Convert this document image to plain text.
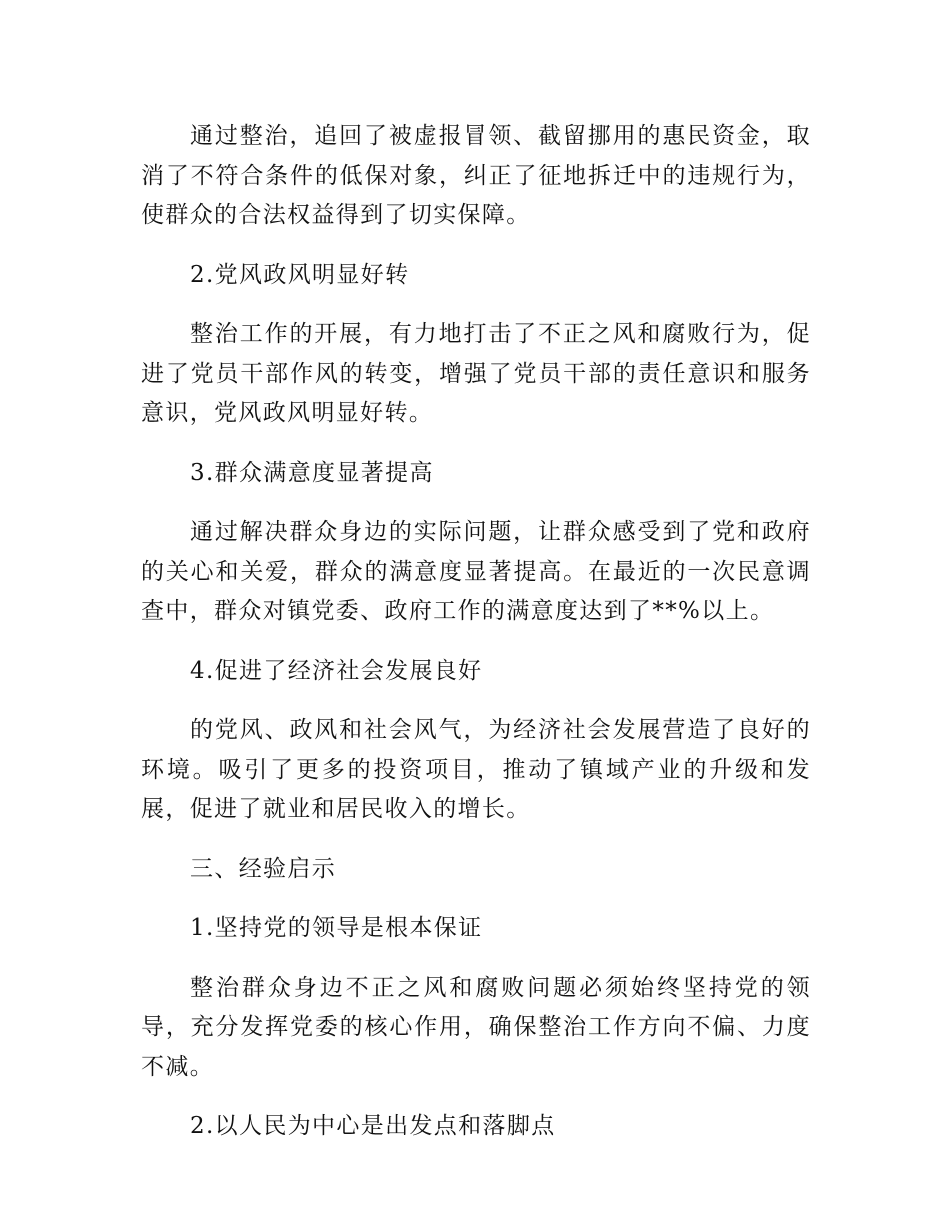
通过整治，追回了被虚报冒领、截留挪用的惠民资金，取消了不符合条件的低保对象，纠正了征地拆迁中的违规行为，使群众的合法权益得到了切实保障。

2.党风政风明显好转

整治工作的开展，有力地打击了不正之风和腐败行为，促进了党员干部作风的转变，增强了党员干部的责任意识和服务意识，党风政风明显好转。

3.群众满意度显著提高

通过解决群众身边的实际问题，让群众感受到了党和政府的关心和关爱，群众的满意度显著提高。在最近的一次民意调查中，群众对镇党委、政府工作的满意度达到了**%以上。

4.促进了经济社会发展良好

的党风、政风和社会风气，为经济社会发展营造了良好的环境。吸引了更多的投资项目，推动了镇域产业的升级和发展，促进了就业和居民收入的增长。

三、经验启示

1.坚持党的领导是根本保证

整治群众身边不正之风和腐败问题必须始终坚持党的领导，充分发挥党委的核心作用，确保整治工作方向不偏、力度不减。

2.以人民为中心是出发点和落脚点
